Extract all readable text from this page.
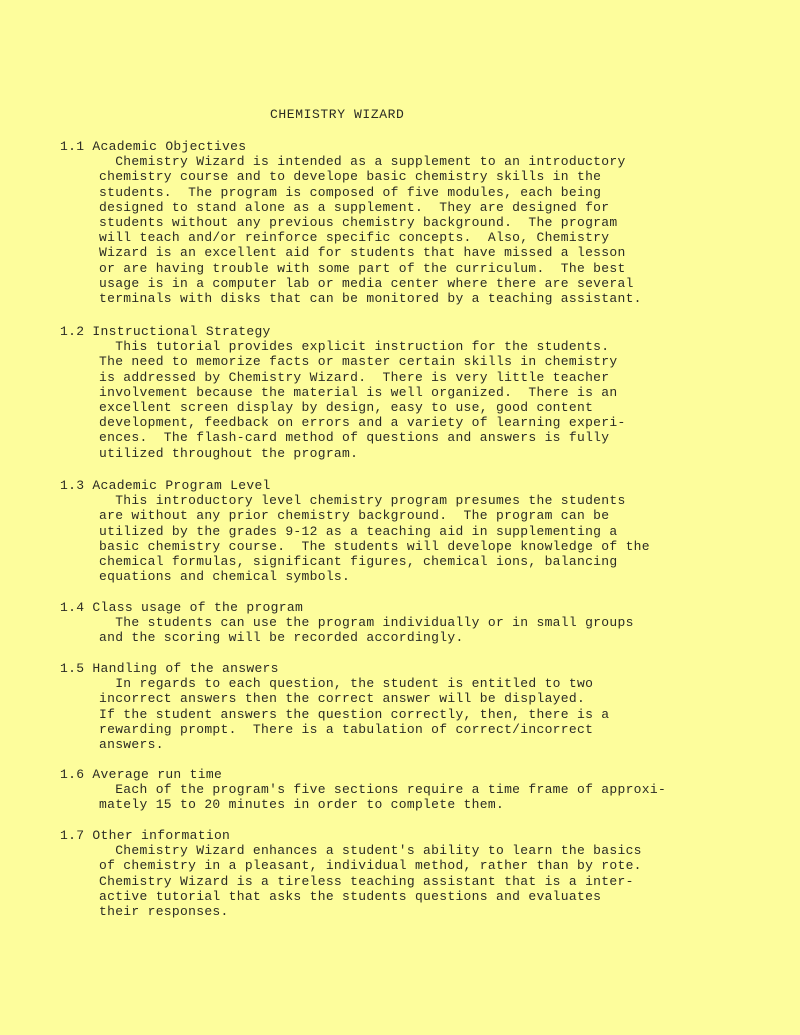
CHEMISTRY WIZARD
1.1 Academic Objectives
Chemistry Wizard is intended as a supplement to an introductory
chemistry course and to develope basic chemistry skills in the
students.  The program is composed of five modules, each being
designed to stand alone as a supplement.  They are designed for
students without any previous chemistry background.  The program
will teach and/or reinforce specific concepts.  Also, Chemistry
Wizard is an excellent aid for students that have missed a lesson
or are having trouble with some part of the curriculum.  The best
usage is in a computer lab or media center where there are several
terminals with disks that can be monitored by a teaching assistant.
1.2 Instructional Strategy
This tutorial provides explicit instruction for the students.
The need to memorize facts or master certain skills in chemistry
is addressed by Chemistry Wizard.  There is very little teacher
involvement because the material is well organized.  There is an
excellent screen display by design, easy to use, good content
development, feedback on errors and a variety of learning experi-
ences.  The flash-card method of questions and answers is fully
utilized throughout the program.
1.3 Academic Program Level
This introductory level chemistry program presumes the students
are without any prior chemistry background.  The program can be
utilized by the grades 9-12 as a teaching aid in supplementing a
basic chemistry course.  The students will develope knowledge of the
chemical formulas, significant figures, chemical ions, balancing
equations and chemical symbols.
1.4 Class usage of the program
The students can use the program individually or in small groups
and the scoring will be recorded accordingly.
1.5 Handling of the answers
In regards to each question, the student is entitled to two
incorrect answers then the correct answer will be displayed.
If the student answers the question correctly, then, there is a
rewarding prompt.  There is a tabulation of correct/incorrect
answers.
1.6 Average run time
Each of the program's five sections require a time frame of approxi-
mately 15 to 20 minutes in order to complete them.
1.7 Other information
Chemistry Wizard enhances a student's ability to learn the basics
of chemistry in a pleasant, individual method, rather than by rote.
Chemistry Wizard is a tireless teaching assistant that is a inter-
active tutorial that asks the students questions and evaluates
their responses.
